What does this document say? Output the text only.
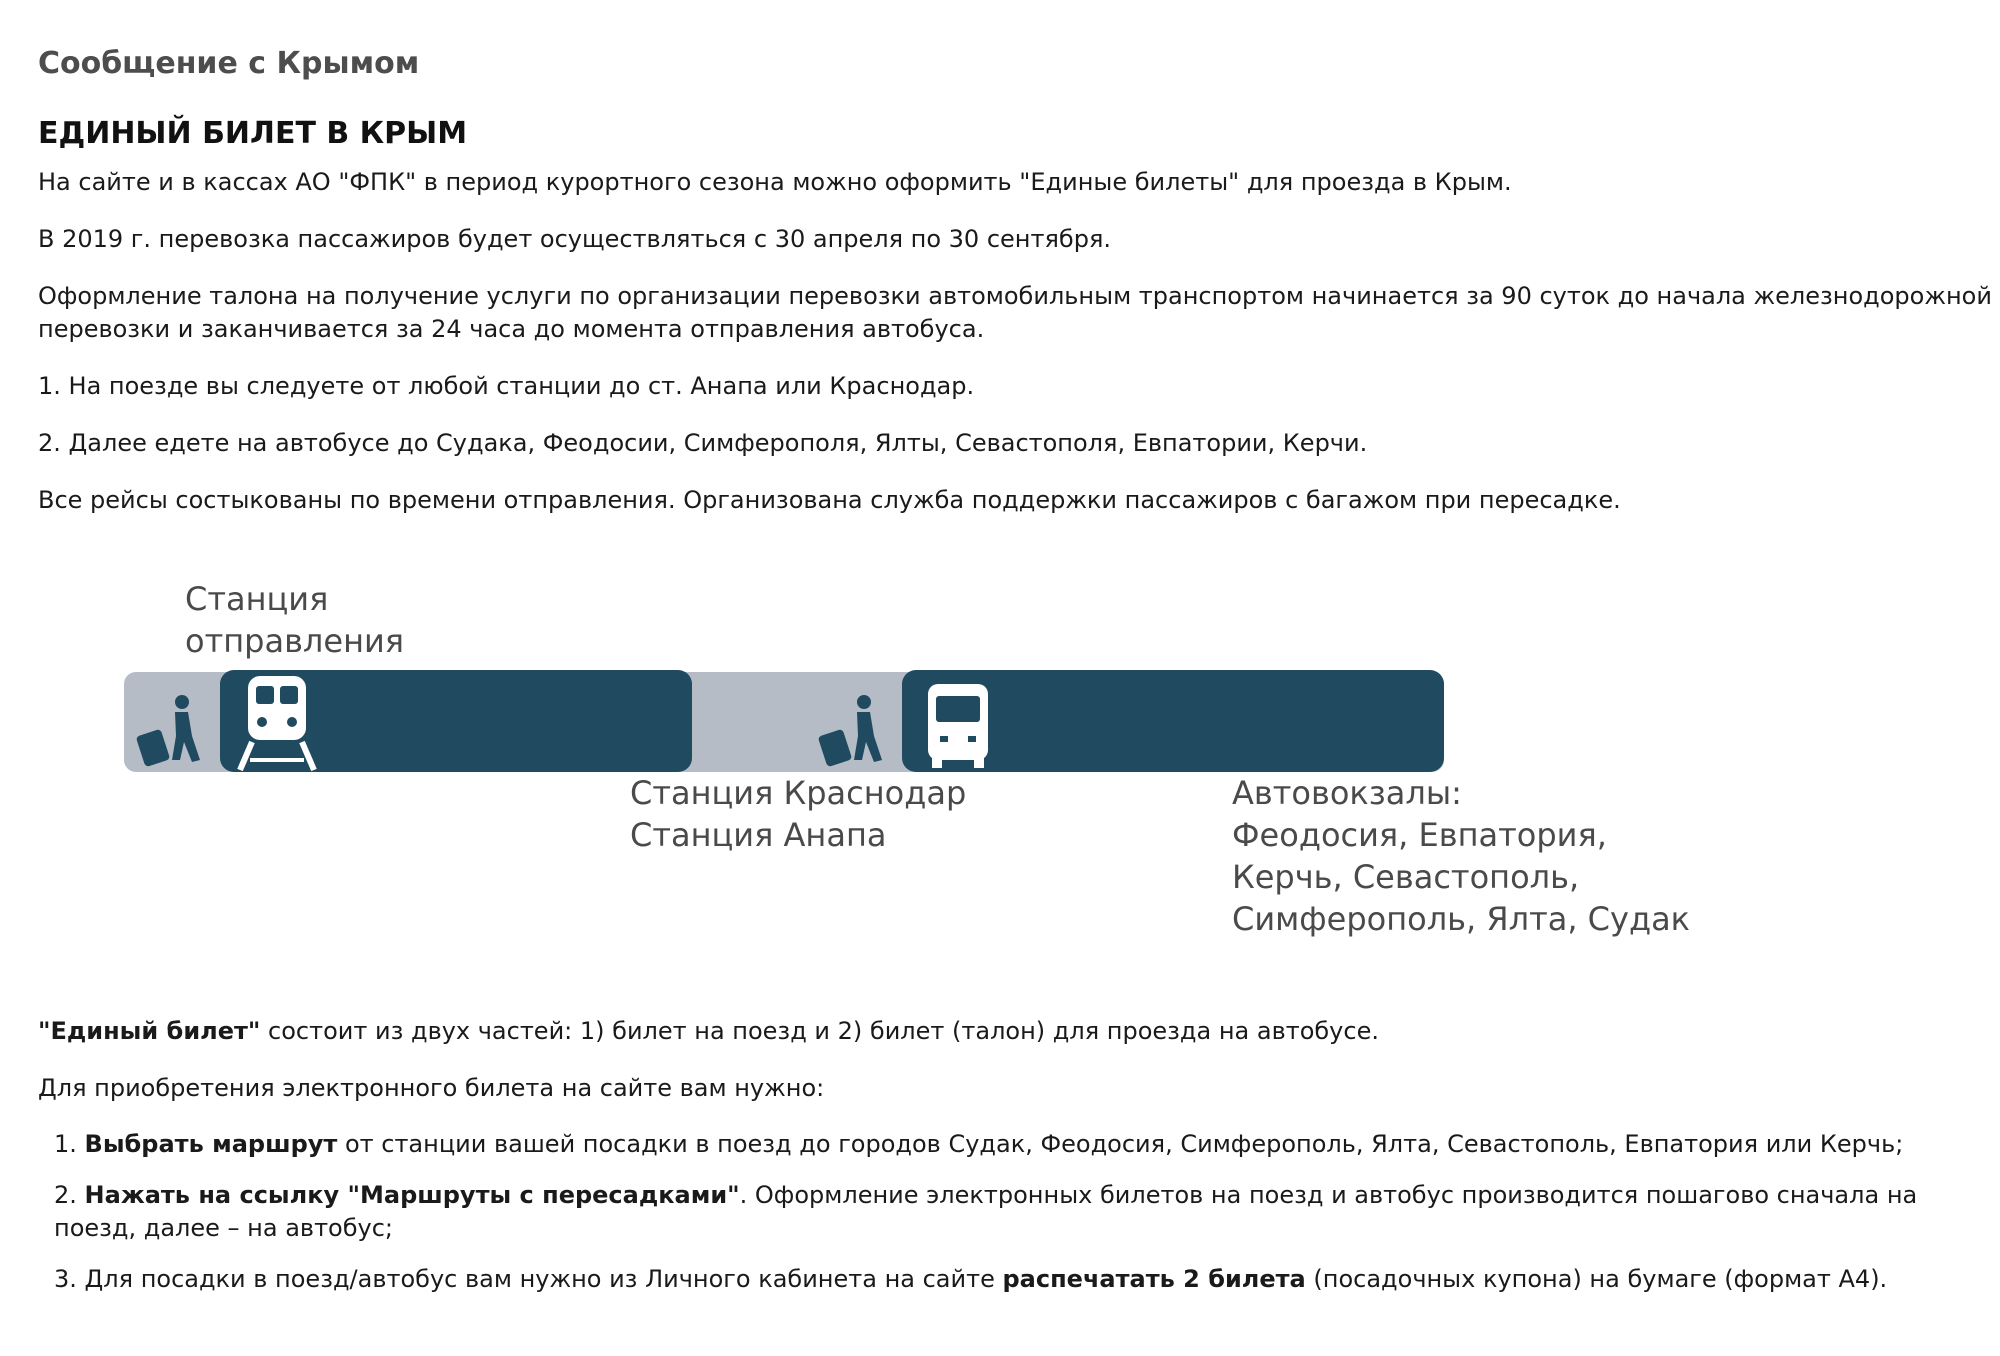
Сообщение с Крымом
ЕДИНЫЙ БИЛЕТ В КРЫМ

На сайте и в кассах АО "ФПК" в период курортного сезона можно оформить "Единые билеты" для проезда в Крым.

В 2019 г. перевозка пассажиров будет осуществляться с 30 апреля по 30 сентября.

Оформление талона на получение услуги по организации перевозки автомобильным транспортом начинается за 90 суток до начала железнодорожной перевозки и заканчивается за 24 часа до момента отправления автобуса.

1. На поезде вы следуете от любой станции до ст. Анапа или Краснодар.

2. Далее едете на автобусе до Судака, Феодосии, Симферополя, Ялты, Севастополя, Евпатории, Керчи.

Все рейсы состыкованы по времени отправления. Организована служба поддержки пассажиров с багажом при пересадке.

Станция
отправления
Станция Краснодар
Станция Анапа
Автовокзалы:
Феодосия, Евпатория,
Керчь, Севастополь,
Симферополь, Ялта, Судак

"Единый билет" состоит из двух частей: 1) билет на поезд и 2) билет (талон) для проезда на автобусе.

Для приобретения электронного билета на сайте вам нужно:

1. Выбрать маршрут от станции вашей посадки в поезд до городов Судак, Феодосия, Симферополь, Ялта, Севастополь, Евпатория или Керчь;
2. Нажать на ссылку "Маршруты с пересадками". Оформление электронных билетов на поезд и автобус производится пошагово сначала на поезд, далее – на автобус;
3. Для посадки в поезд/автобус вам нужно из Личного кабинета на сайте распечатать 2 билета (посадочных купона) на бумаге (формат А4).
